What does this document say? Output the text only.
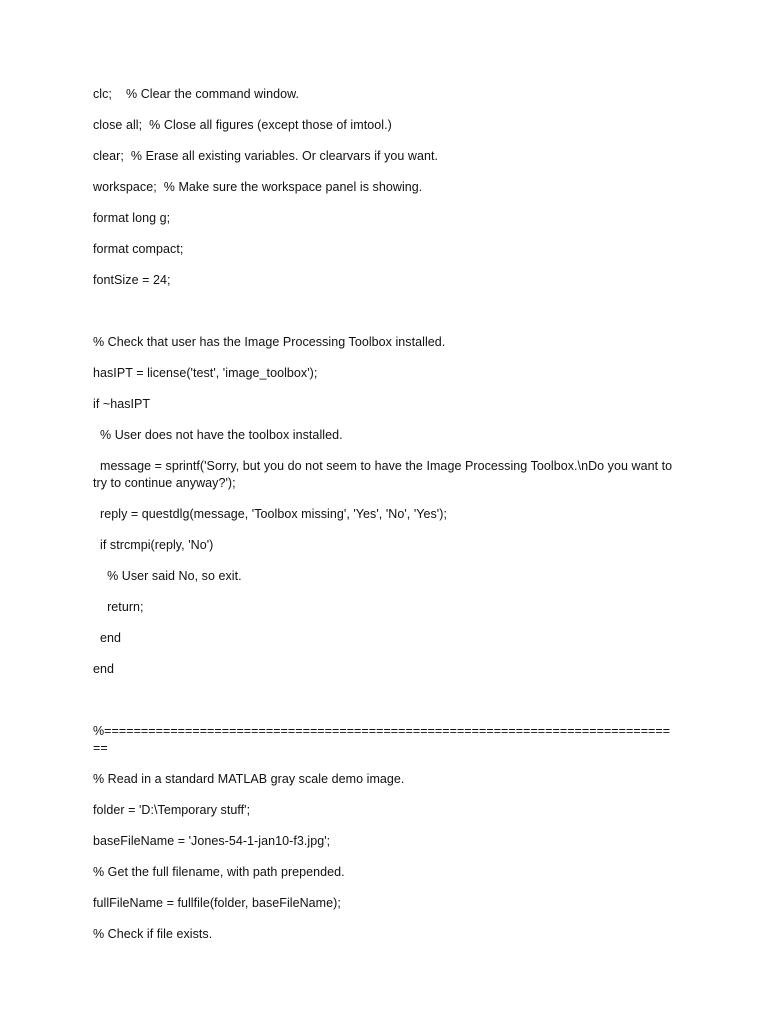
clc;    % Clear the command window.
close all;  % Close all figures (except those of imtool.)
clear;  % Erase all existing variables. Or clearvars if you want.
workspace;  % Make sure the workspace panel is showing.
format long g;
format compact;
fontSize = 24;
% Check that user has the Image Processing Toolbox installed.
hasIPT = license('test', 'image_toolbox');
if ~hasIPT
% User does not have the toolbox installed.
message = sprintf('Sorry, but you do not seem to have the Image Processing Toolbox.\nDo you want to try to continue anyway?');
reply = questdlg(message, 'Toolbox missing', 'Yes', 'No', 'Yes');
if strcmpi(reply, 'No')
% User said No, so exit.
return;
end
end
%===============================================================================
% Read in a standard MATLAB gray scale demo image.
folder = 'D:\Temporary stuff';
baseFileName = 'Jones-54-1-jan10-f3.jpg';
% Get the full filename, with path prepended.
fullFileName = fullfile(folder, baseFileName);
% Check if file exists.
